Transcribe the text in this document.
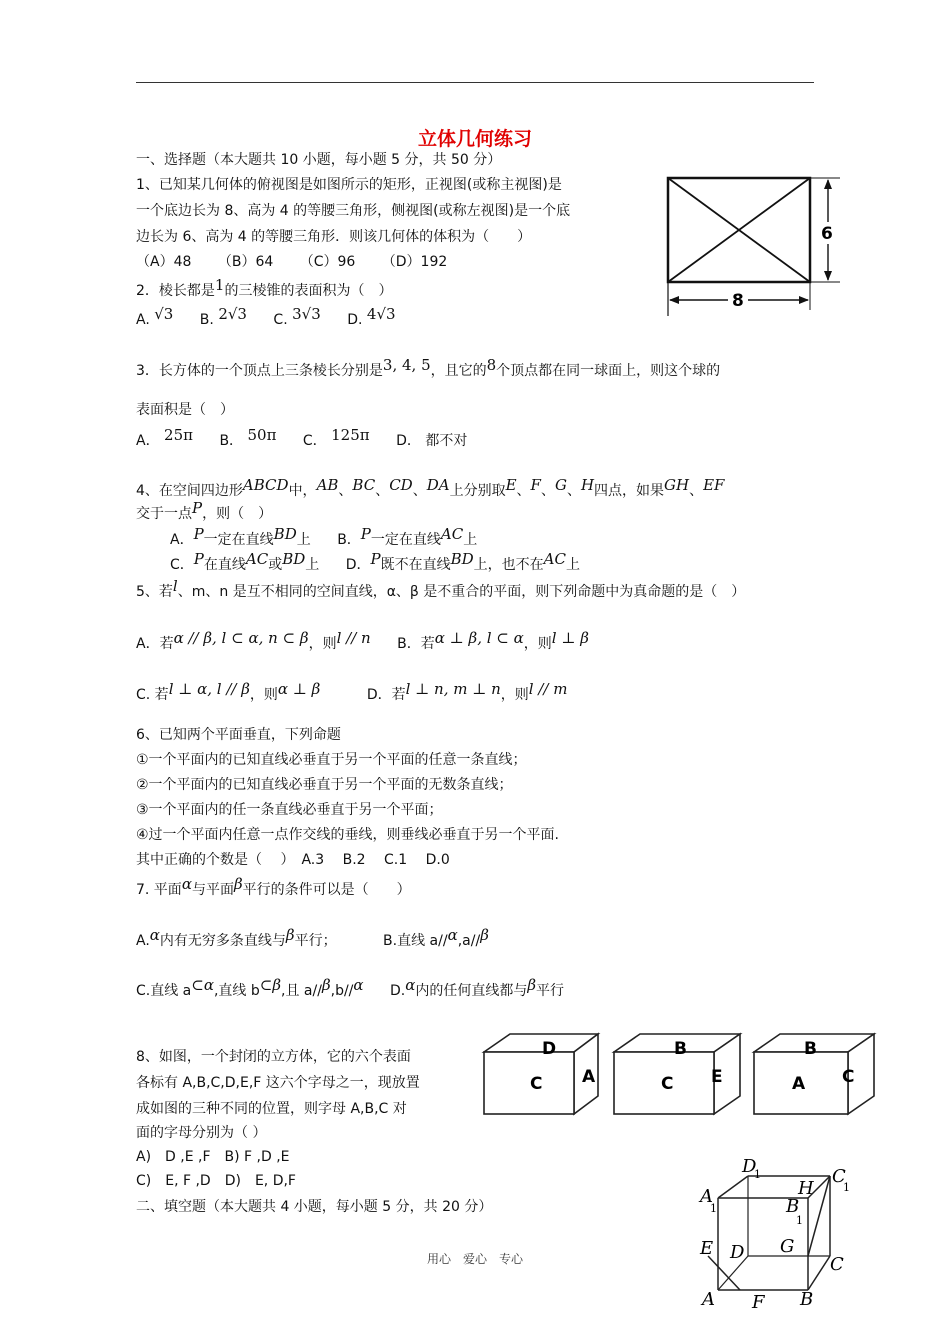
立体几何练习
一、选择题（本大题共 10 小题，每小题 5 分，共 50 分）
1、已知某几何体的俯视图是如图所示的矩形，正视图(或称主视图)是
一个底边长为 8、高为 4 的等腰三角形，侧视图(或称左视图)是一个底
边长为 6、高为 4 的等腰三角形．则该几何体的体积为（　　）
（A）48 （B）64 （C）96 （D）192
6
8
2．棱长都是1的三棱锥的表面积为（　）
A. √3 B. 2√3 C. 3√3 D. 4√3
3．长方体的一个顶点上三条棱长分别是3, 4, 5，且它的8个顶点都在同一球面上，则这个球的
表面积是（　）
A． 25π B． 50π C． 125π D． 都不对
4、在空间四边形ABCD中，AB、BC、CD、DA上分别取E、F、G、H四点，如果GH、EF
交于一点P，则（　）
A．P一定在直线BD上 B．P一定在直线AC上
C．P在直线AC或BD上 D．P既不在直线BD上，也不在AC上
5、若l、m、n 是互不相同的空间直线，α、β 是不重合的平面，则下列命题中为真命题的是（　）
A．若α // β, l ⊂ α, n ⊂ β，则l // n B．若α ⊥ β, l ⊂ α，则l ⊥ β
C. 若l ⊥ α, l // β，则α ⊥ β	D．若l ⊥ n, m ⊥ n，则l // m
6、已知两个平面垂直，下列命题
①一个平面内的已知直线必垂直于另一个平面的任意一条直线；
②一个平面内的已知直线必垂直于另一个平面的无数条直线；
③一个平面内的任一条直线必垂直于另一个平面；
④过一个平面内任意一点作交线的垂线，则垂线必垂直于另一个平面.
其中正确的个数是（　 ）　A.3　 B.2　 C.1　 D.0
7. 平面α与平面β平行的条件可以是（　　）
A.α内有无穷多条直线与β平行；	B.直线 a//α,a//β
C.直线 a⊂α,直线 b⊂β,且 a//β,b//α D.α内的任何直线都与β平行
8、如图，一个封闭的立方体，它的六个表面
各标有 A,B,C,D,E,F 这六个字母之一，现放置
成如图的三种不同的位置，则字母 A,B,C 对
面的字母分别为（ ）
A)　D ,E ,F　B) F ,D ,E
C)　E, F ,D　D)　E, D,F
二、填空题（本大题共 4 小题，每小题 5 分，共 20 分）
D
C A
B
C E
B
A C
D
1	C
1
A
1
H
B
1
G
E D
C
A F B
用心　爱心　专心
